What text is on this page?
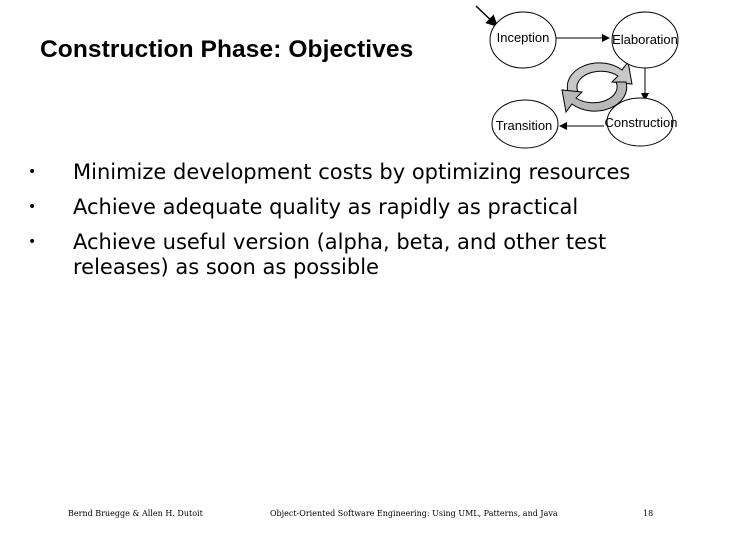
Construction Phase: Objectives	Inception	Elaboration
Construction
Transition
• Minimize development costs by optimizing resources
• Achieve adequate quality as rapidly as practical
• Achieve useful version (alpha, beta, and other test releases) as soon as possible
Bernd Bruegge & Allen H. Dutoit	Object-Oriented Software Engineering: Using UML, Patterns, and Java	18
